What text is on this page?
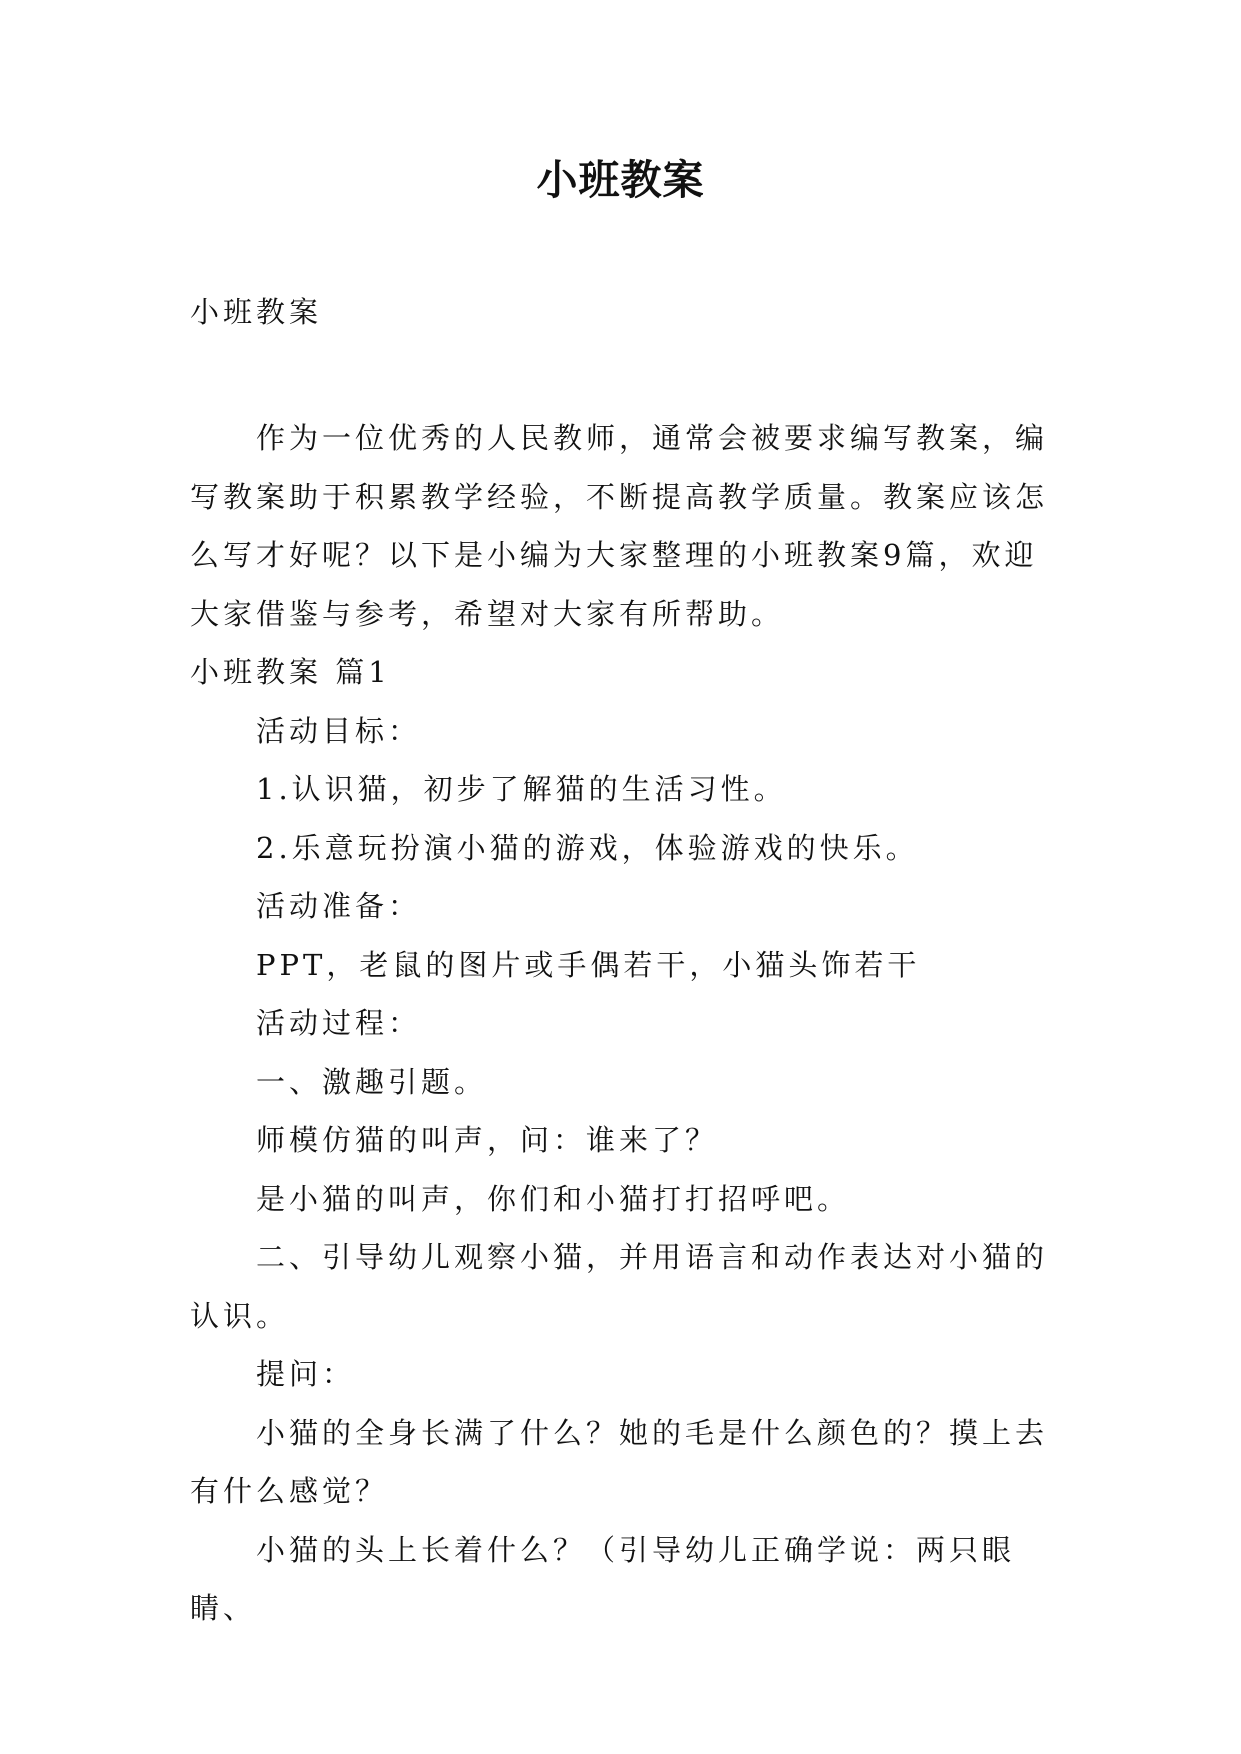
小班教案
小班教案

作为一位优秀的人民教师，通常会被要求编写教案，编写教案助于积累教学经验，不断提高教学质量。教案应该怎么写才好呢？以下是小编为大家整理的小班教案9篇，欢迎大家借鉴与参考，希望对大家有所帮助。

小班教案 篇1

活动目标：

1.认识猫，初步了解猫的生活习性。

2.乐意玩扮演小猫的游戏，体验游戏的快乐。

活动准备：

PPT，老鼠的图片或手偶若干，小猫头饰若干

活动过程：

一、激趣引题。

师模仿猫的叫声，问：谁来了？

是小猫的叫声，你们和小猫打打招呼吧。

二、引导幼儿观察小猫，并用语言和动作表达对小猫的认识。

提问：

小猫的全身长满了什么？她的毛是什么颜色的？摸上去有什么感觉？

小猫的头上长着什么？（引导幼儿正确学说：两只眼睛、
